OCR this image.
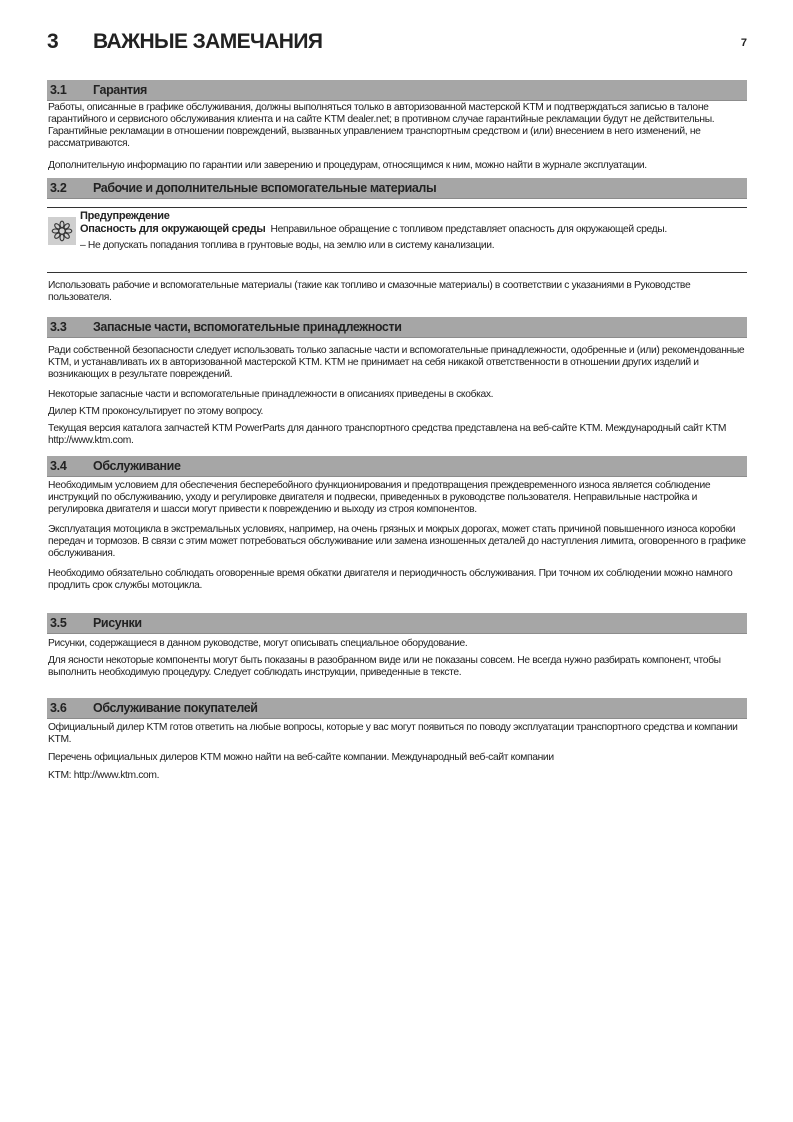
3 ВАЖНЫЕ ЗАМЕЧАНИЯ	7
3.1 Гарантия

Работы, описанные в графике обслуживания, должны выполняться только в авторизованной мастерской KTM и подтверждаться записью в талоне гарантийного и сервисного обслуживания клиента и на сайте KTM dealer.net; в противном случае гарантийные рекламации будут не действительны. Гарантийные рекламации в отношении повреждений, вызванных управлением транспортным средством и (или) внесением в него изменений, не рассматриваются.

Дополнительную информацию по гарантии или заверению и процедурам, относящимся к ним, можно найти в журнале эксплуатации.

3.2 Рабочие и дополнительные вспомогательные материалы
Предупреждение
Опасность для окружающей среды Неправильное обращение с топливом представляет опасность для окружающей среды.
– Не допускать попадания топлива в грунтовые воды, на землю или в систему канализации.

Использовать рабочие и вспомогательные материалы (такие как топливо и смазочные материалы) в соответствии с указаниями в Руководстве пользователя.

3.3 Запасные части, вспомогательные принадлежности

Ради собственной безопасности следует использовать только запасные части и вспомогательные принадлежности, одобренные и (или) рекомендованные KTM, и устанавливать их в авторизованной мастерской KTM. KTM не принимает на себя никакой ответственности в отношении других изделий и возникающих в результате повреждений.

Некоторые запасные части и вспомогательные принадлежности в описаниях приведены в скобках.

Дилер KTM проконсультирует по этому вопросу.

Текущая версия каталога запчастей KTM PowerParts для данного транспортного средства представлена на веб-сайте KTM. Международный сайт KTM http://www.ktm.com.

3.4 Обслуживание

Необходимым условием для обеспечения бесперебойного функционирования и предотвращения преждевременного износа является соблюдение инструкций по обслуживанию, уходу и регулировке двигателя и подвески, приведенных в руководстве пользователя. Неправильные настройка и регулировка двигателя и шасси могут привести к повреждению и выходу из строя компонентов.

Эксплуатация мотоцикла в экстремальных условиях, например, на очень грязных и мокрых дорогах, может стать причиной повышенного износа коробки передач и тормозов. В связи с этим может потребоваться обслуживание или замена изношенных деталей до наступления лимита, оговоренного в графике обслуживания.

Необходимо обязательно соблюдать оговоренные время обкатки двигателя и периодичность обслуживания. При точном их соблюдении можно намного продлить срок службы мотоцикла.

3.5 Рисунки

Рисунки, содержащиеся в данном руководстве, могут описывать специальное оборудование.

Для ясности некоторые компоненты могут быть показаны в разобранном виде или не показаны совсем. Не всегда нужно разбирать компонент, чтобы выполнить необходимую процедуру. Следует соблюдать инструкции, приведенные в тексте.

3.6 Обслуживание покупателей

Официальный дилер KTM готов ответить на любые вопросы, которые у вас могут появиться по поводу эксплуатации транспортного средства и компании KTM.

Перечень официальных дилеров KTM можно найти на веб-сайте компании. Международный веб-сайт компании

KTM: http://www.ktm.com.
